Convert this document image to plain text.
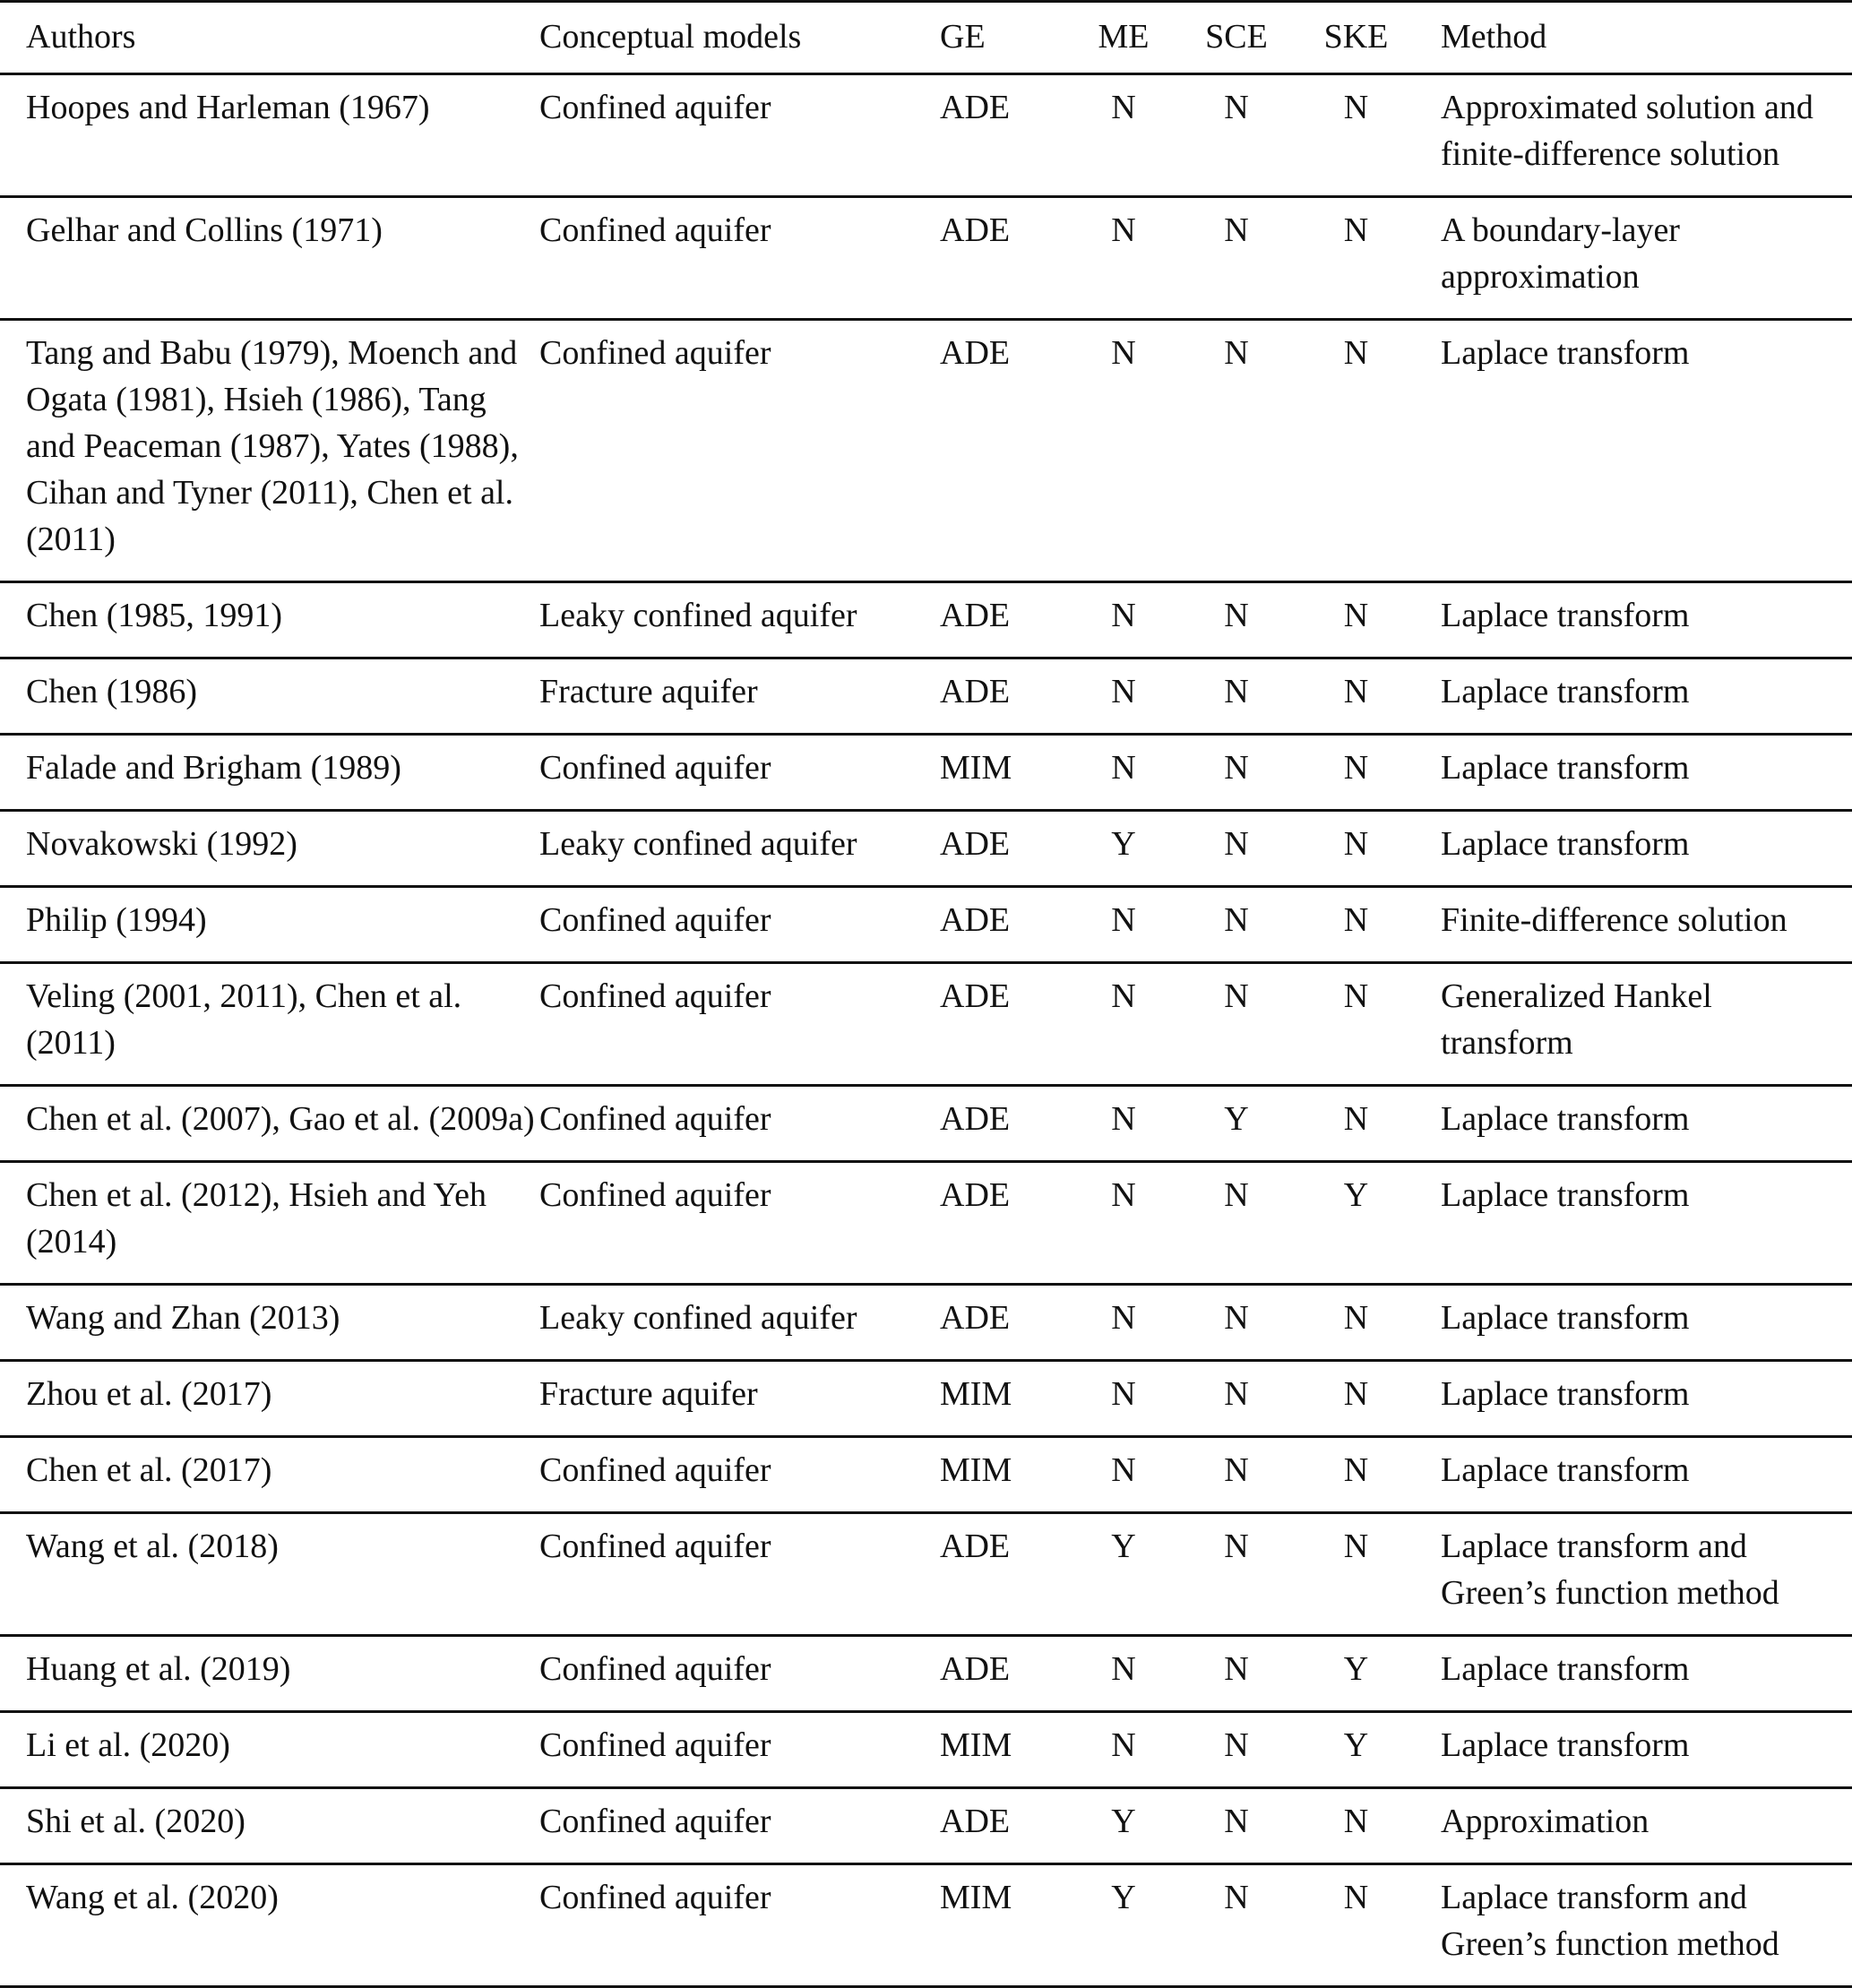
Authors	Conceptual models	GE	ME	SCE	SKE	Method
Hoopes and Harleman (1967)	Confined aquifer	ADE	N	N	N	Approximated solution and finite-difference solution

Gelhar and Collins (1971)	Confined aquifer	ADE	N	N	N	A boundary-layer approximation

Tang and Babu (1979), Moench and Ogata (1981), Hsieh (1986), Tang and Peaceman (1987), Yates (1988), Cihan and Tyner (2011), Chen et al. (2011)	Confined aquifer	ADE	N	N	N	Laplace transform
Chen (1985, 1991)	Leaky confined aquifer	ADE	N	N	N	Laplace transform
Chen (1986)	Fracture aquifer	ADE	N	N	N	Laplace transform
Falade and Brigham (1989)	Confined aquifer	MIM	N	N	N	Laplace transform
Novakowski (1992)	Leaky confined aquifer	ADE	Y	N	N	Laplace transform
Philip (1994)	Confined aquifer	ADE	N	N	N	Finite-difference solution
Veling (2001, 2011), Chen et al. (2011)	Confined aquifer	ADE	N	N	N	Generalized Hankel transform

Chen et al. (2007), Gao et al. (2009a)	Confined aquifer	ADE	N	Y	N	Laplace transform
Chen et al. (2012), Hsieh and Yeh (2014)	Confined aquifer	ADE	N	N	Y	Laplace transform
Wang and Zhan (2013)	Leaky confined aquifer	ADE	N	N	N	Laplace transform
Zhou et al. (2017)	Fracture aquifer	MIM	N	N	N	Laplace transform
Chen et al. (2017)	Confined aquifer	MIM	N	N	N	Laplace transform
Wang et al. (2018)	Confined aquifer	ADE	Y	N	N	Laplace transform and Green’s function method

Huang et al. (2019)	Confined aquifer	ADE	N	N	Y	Laplace transform
Li et al. (2020)	Confined aquifer	MIM	N	N	Y	Laplace transform
Shi et al. (2020)	Confined aquifer	ADE	Y	N	N	Approximation
Wang et al. (2020)	Confined aquifer	MIM	Y	N	N	Laplace transform and Green’s function method
